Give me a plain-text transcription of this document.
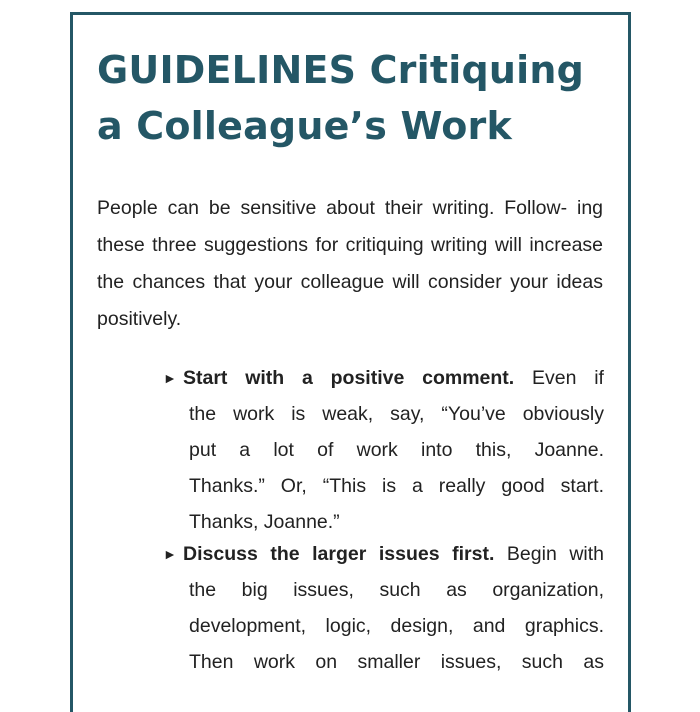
GUIDELINES Critiquing
a Colleague’s Work

People can be sensitive about their writing. Follow- ing these three suggestions for critiquing writing will increase the chances that your colleague will consider your ideas positively.

► Start with a positive comment. Even if
the work is weak, say, “You’ve obviously
put a lot of work into this, Joanne.
Thanks.” Or, “This is a really good start.
Thanks, Joanne.”
► Discuss the larger issues first. Begin with
the big issues, such as organization,
development, logic, design, and graphics.
Then work on smaller issues, such as
